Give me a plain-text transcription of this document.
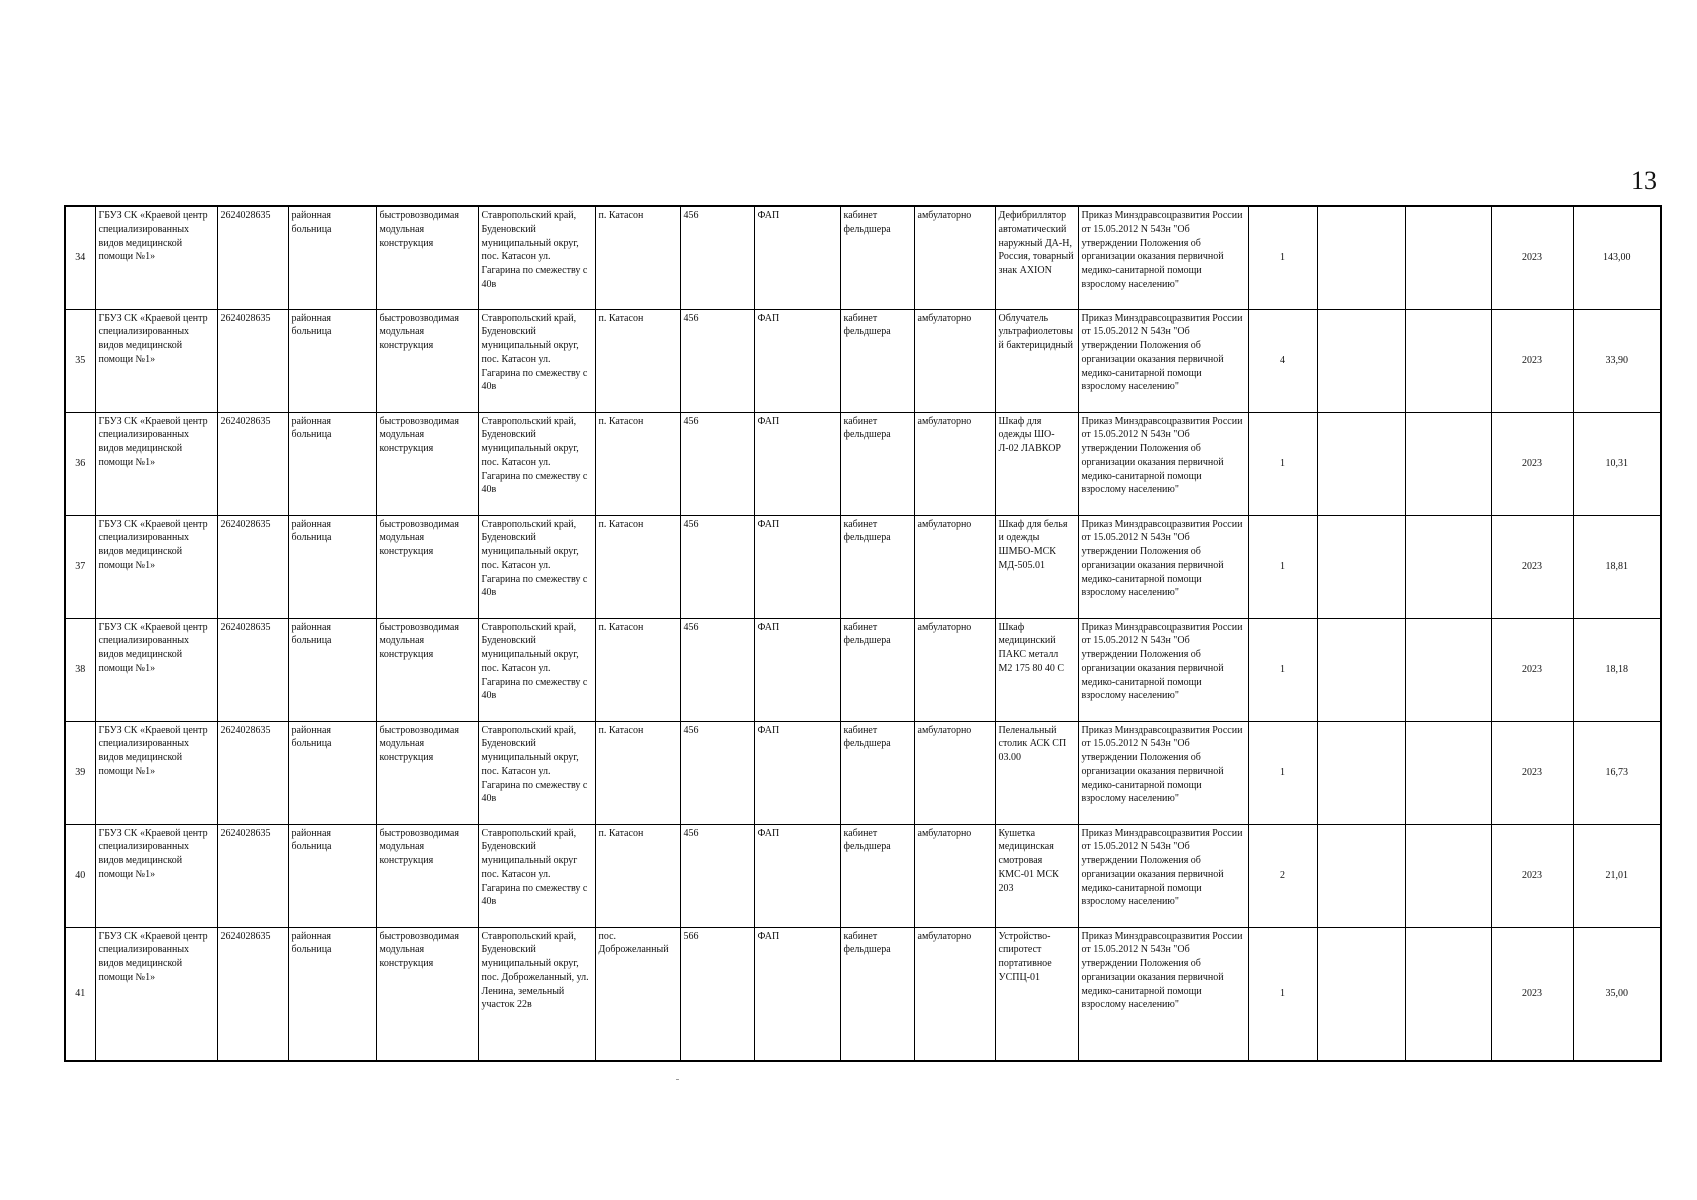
13
34	ГБУЗ СК «Краевой центр специализированных видов медицинской помощи №1»	2624028635	районная больница	быстровозводимая модульная конструкция	Ставропольский край, Буденовский муниципальный округ, пос. Катасон ул. Гагарина по смежеству с 40в	п. Катасон	456	ФАП	кабинет фельдшера	амбулаторно	Дефибриллятор автоматический наружный ДА-Н, Россия, товарный знак AXION	Приказ Минздравсоцразвития России от 15.05.2012 N 543н "Об утверждении Положения об организации оказания первичной медико-санитарной помощи взрослому населению"	1			2023	143,00
35	ГБУЗ СК «Краевой центр специализированных видов медицинской помощи №1»	2624028635	районная больница	быстровозводимая модульная конструкция	Ставропольский край, Буденовский муниципальный округ, пос. Катасон ул. Гагарина по смежеству с 40в	п. Катасон	456	ФАП	кабинет фельдшера	амбулаторно	Облучатель ультрафиолетовый бактерицидный	Приказ Минздравсоцразвития России от 15.05.2012 N 543н "Об утверждении Положения об организации оказания первичной медико-санитарной помощи взрослому населению"	4			2023	33,90
36	ГБУЗ СК «Краевой центр специализированных видов медицинской помощи №1»	2624028635	районная больница	быстровозводимая модульная конструкция	Ставропольский край, Буденовский муниципальный округ, пос. Катасон ул. Гагарина по смежеству с 40в	п. Катасон	456	ФАП	кабинет фельдшера	амбулаторно	Шкаф для одежды ШО-Л-02 ЛАВКОР	Приказ Минздравсоцразвития России от 15.05.2012 N 543н "Об утверждении Положения об организации оказания первичной медико-санитарной помощи взрослому населению"	1			2023	10,31
37	ГБУЗ СК «Краевой центр специализированных видов медицинской помощи №1»	2624028635	районная больница	быстровозводимая модульная конструкция	Ставропольский край, Буденовский муниципальный округ, пос. Катасон ул. Гагарина по смежеству с 40в	п. Катасон	456	ФАП	кабинет фельдшера	амбулаторно	Шкаф для белья и одежды ШМБО-МСК МД-505.01	Приказ Минздравсоцразвития России от 15.05.2012 N 543н "Об утверждении Положения об организации оказания первичной медико-санитарной помощи взрослому населению"	1			2023	18,81
38	ГБУЗ СК «Краевой центр специализированных видов медицинской помощи №1»	2624028635	районная больница	быстровозводимая модульная конструкция	Ставропольский край, Буденовский муниципальный округ, пос. Катасон ул. Гагарина по смежеству с 40в	п. Катасон	456	ФАП	кабинет фельдшера	амбулаторно	Шкаф медицинский ПАКС металл М2 175 80 40 С	Приказ Минздравсоцразвития России от 15.05.2012 N 543н "Об утверждении Положения об организации оказания первичной медико-санитарной помощи взрослому населению"	1			2023	18,18
39	ГБУЗ СК «Краевой центр специализированных видов медицинской помощи №1»	2624028635	районная больница	быстровозводимая модульная конструкция	Ставропольский край, Буденовский муниципальный округ, пос. Катасон ул. Гагарина по смежеству с 40в	п. Катасон	456	ФАП	кабинет фельдшера	амбулаторно	Пеленальный столик АСК СП 03.00	Приказ Минздравсоцразвития России от 15.05.2012 N 543н "Об утверждении Положения об организации оказания первичной медико-санитарной помощи взрослому населению"	1			2023	16,73
40	ГБУЗ СК «Краевой центр специализированных видов медицинской помощи №1»	2624028635	районная больница	быстровозводимая модульная конструкция	Ставропольский край, Буденовский муниципальный округ пос. Катасон ул. Гагарина по смежеству с 40в	п. Катасон	456	ФАП	кабинет фельдшера	амбулаторно	Кушетка медицинская смотровая КМС-01 МСК 203	Приказ Минздравсоцразвития России от 15.05.2012 N 543н "Об утверждении Положения об организации оказания первичной медико-санитарной помощи взрослому населению"	2			2023	21,01
41	ГБУЗ СК «Краевой центр специализированных видов медицинской помощи №1»	2624028635	районная больница	быстровозводимая модульная конструкция	Ставропольский край, Буденовский муниципальный округ, пос. Доброжеланный, ул. Ленина, земельный участок 22в	пос. Доброжеланный	566	ФАП	кабинет фельдшера	амбулаторно	Устройство-спиротест портативное УСПЦ-01	Приказ Минздравсоцразвития России от 15.05.2012 N 543н "Об утверждении Положения об организации оказания первичной медико-санитарной помощи взрослому населению"	1			2023	35,00
